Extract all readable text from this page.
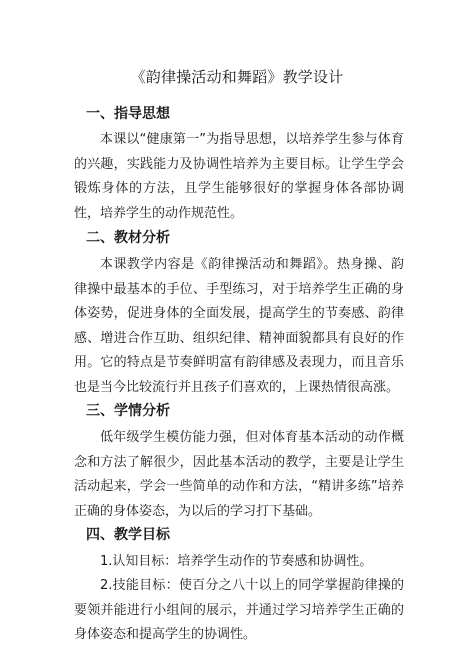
《韵律操活动和舞蹈》教学设计
一、指导思想

本课以“健康第一”为指导思想，以培养学生参与体育的兴趣，实践能力及协调性培养为主要目标。让学生学会锻炼身体的方法，且学生能够很好的掌握身体各部协调性，培养学生的动作规范性。

二、教材分析

本课教学内容是《韵律操活动和舞蹈》。热身操、韵律操中最基本的手位、手型练习，对于培养学生正确的身体姿势，促进身体的全面发展，提高学生的节奏感、韵律感、增进合作互助、组织纪律、精神面貌都具有良好的作用。它的特点是节奏鲜明富有韵律感及表现力，而且音乐也是当今比较流行并且孩子们喜欢的，上课热情很高涨。

三、学情分析

低年级学生模仿能力强，但对体育基本活动的动作概念和方法了解很少，因此基本活动的教学，主要是让学生活动起来，学会一些简单的动作和方法，“精讲多练”培养正确的身体姿态，为以后的学习打下基础。

四、教学目标

1.认知目标：培养学生动作的节奏感和协调性。

2.技能目标：使百分之八十以上的同学掌握韵律操的要领并能进行小组间的展示，并通过学习培养学生正确的身体姿态和提高学生的协调性。
